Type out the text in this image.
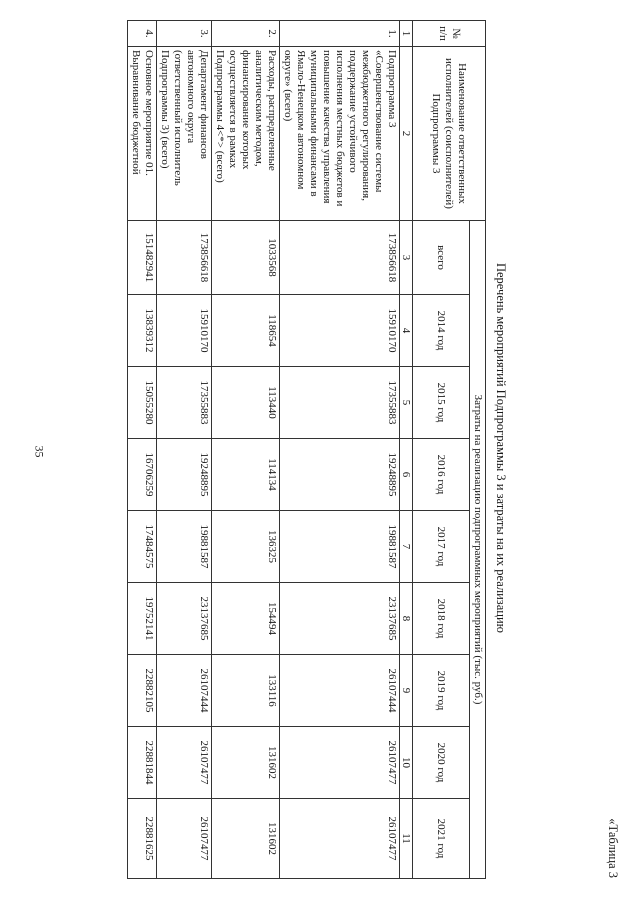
35
«Таблица 3
Перечень мероприятий Подпрограммы 3 и затраты на их реализацию
№ п/п	Наименование ответственных исполнителей (соисполнителей) Подпрограммы 3	Затраты на реализацию подпрограммных мероприятий (тыс. руб.)								
		всего	2014 год	2015 год	2016 год	2017 год	2018 год	2019 год	2020 год	2021 год

1	2	3	4	5	6	7	8	9	10	11
1.	Подпрограмма 3 «Совершенствование системы межбюджетного регулирования, поддержание устойчивого исполнения местных бюджетов и повышение качества управления муниципальными финансами в Ямало-Ненецком автономном округе» (всего)	173856618	15910170	17355883	19248895	19881587	23137685	26107444	26107477	26107477
2.	Расходы, распределенные аналитическим методом, финансирование которых осуществляется в рамках Подпрограммы 4<*> (всего)	1033568	118654	113440	114134	136325	154494	133116	131602	131602
3.	Департамент финансов автономного округа (ответственный исполнитель Подпрограммы 3) (всего)	173856618	15910170	17355883	19248895	19881587	23137685	26107444	26107477	26107477
4.	Основное мероприятие 01. Выравнивание бюджетной	151482941	13839312	15055280	16706259	17484575	19752141	22882105	22881844	22881625
